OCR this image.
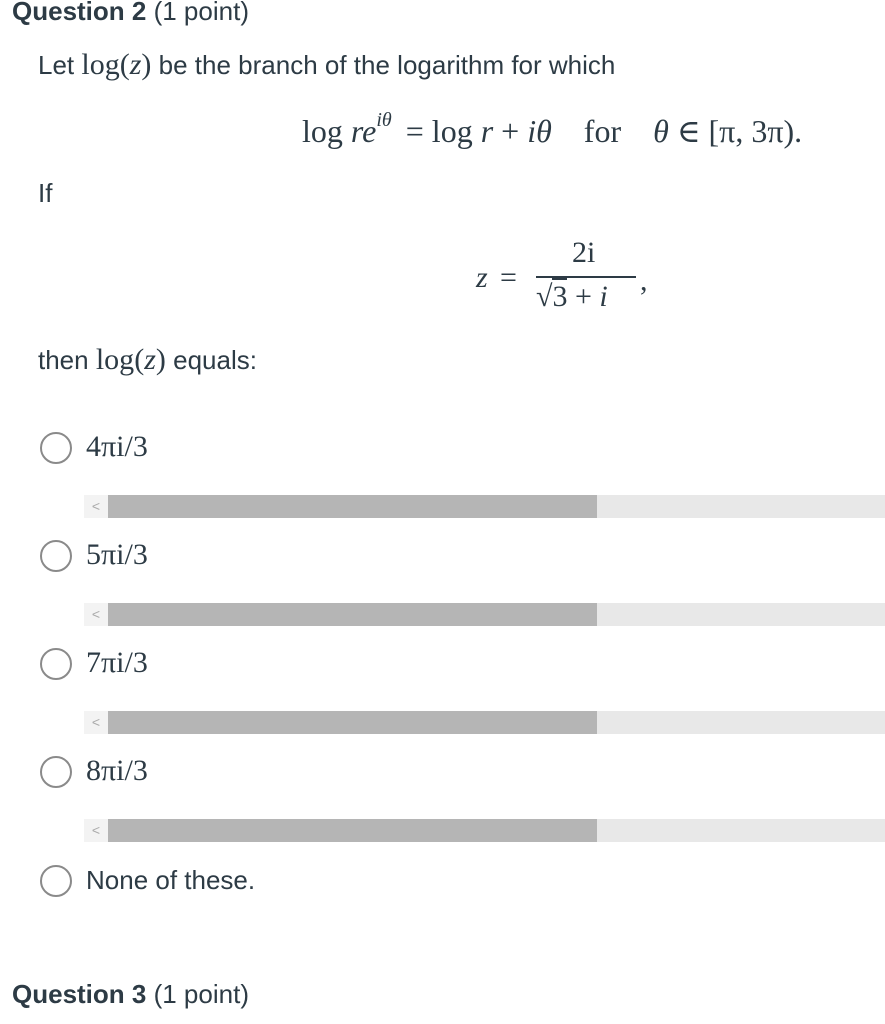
Question 2 (1 point)
Let log(z) be the branch of the logarithm for which
$\log re^{i\theta} = \log r + i\theta$ for θ ∈ [π, 3π).
If
z =
2i
√3 + i ,
then log(z) equals:
4πi/3
<
5πi/3
<
7πi/3
<
8πi/3
<
None of these.
Question 3 (1 point)
